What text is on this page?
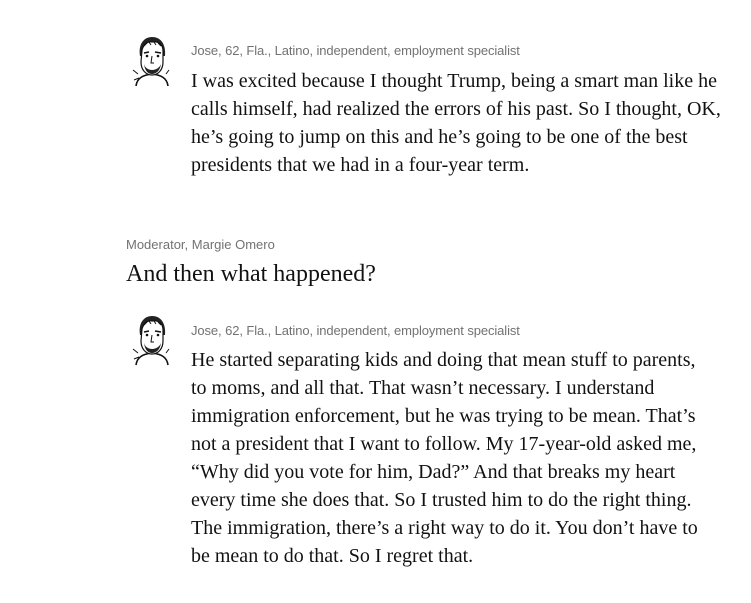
Jose, 62, Fla., Latino, independent, employment specialist

I was excited because I thought Trump, being a smart man like he calls himself, had realized the errors of his past. So I thought, OK, he’s going to jump on this and he’s going to be one of the best presidents that we had in a four-year term.

Moderator, Margie Omero
And then what happened?
Jose, 62, Fla., Latino, independent, employment specialist

He started separating kids and doing that mean stuff to parents, to moms, and all that. That wasn’t necessary. I understand immigration enforcement, but he was trying to be mean. That’s not a president that I want to follow. My 17-year-old asked me, “Why did you vote for him, Dad?” And that breaks my heart every time she does that. So I trusted him to do the right thing. The immigration, there’s a right way to do it. You don’t have to be mean to do that. So I regret that.
